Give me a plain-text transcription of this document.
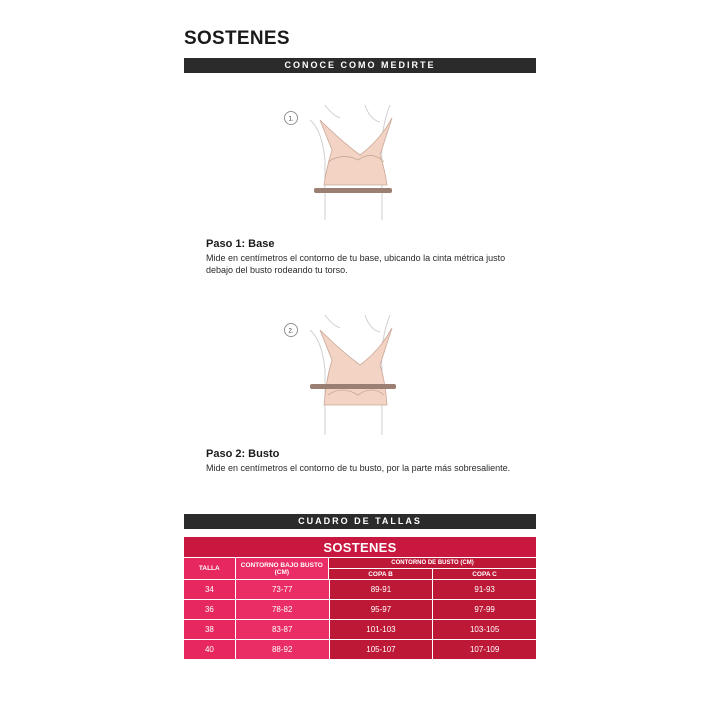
SOSTENES
CONOCE COMO MEDIRTE
1.
Paso 1: Base
Mide en centímetros el contorno de tu base, ubicando la cinta métrica justo debajo del busto rodeando tu torso.
2.
Paso 2: Busto
Mide en centímetros el contorno de tu busto, por la parte más sobresaliente.
CUADRO DE TALLAS
SOSTENES
TALLA	CONTORNO BAJO BUSTO (CM)
CONTORNO DE BUSTO (CM)
COPA B	COPA C
34	73-77	89-91	91-93
36	78-82	95-97	97-99
38	83-87	101-103	103-105
40	88-92	105-107	107-109
